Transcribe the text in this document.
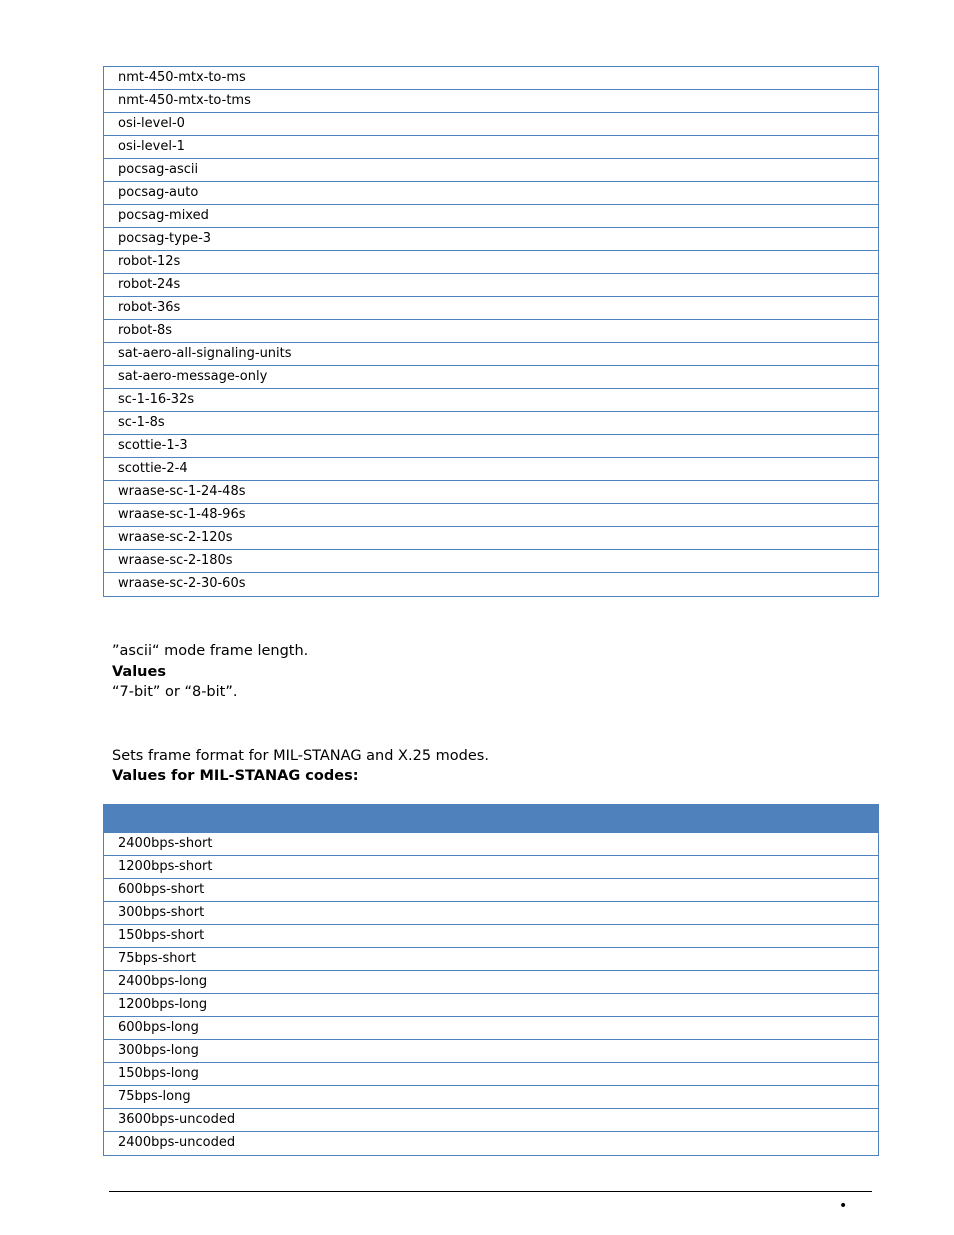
nmt-450-mtx-to-ms
nmt-450-mtx-to-tms
osi-level-0
osi-level-1
pocsag-ascii
pocsag-auto
pocsag-mixed
pocsag-type-3
robot-12s
robot-24s
robot-36s
robot-8s
sat-aero-all-signaling-units
sat-aero-message-only
sc-1-16-32s
sc-1-8s
scottie-1-3
scottie-2-4
wraase-sc-1-24-48s
wraase-sc-1-48-96s
wraase-sc-2-120s
wraase-sc-2-180s
wraase-sc-2-30-60s
”ascii“ mode frame length.
Values
“7-bit” or “8-bit”.
Sets frame format for MIL-STANAG and X.25 modes.
Values for MIL-STANAG codes:
2400bps-short
1200bps-short
600bps-short
300bps-short
150bps-short
75bps-short
2400bps-long
1200bps-long
600bps-long
300bps-long
150bps-long
75bps-long
3600bps-uncoded
2400bps-uncoded
•
